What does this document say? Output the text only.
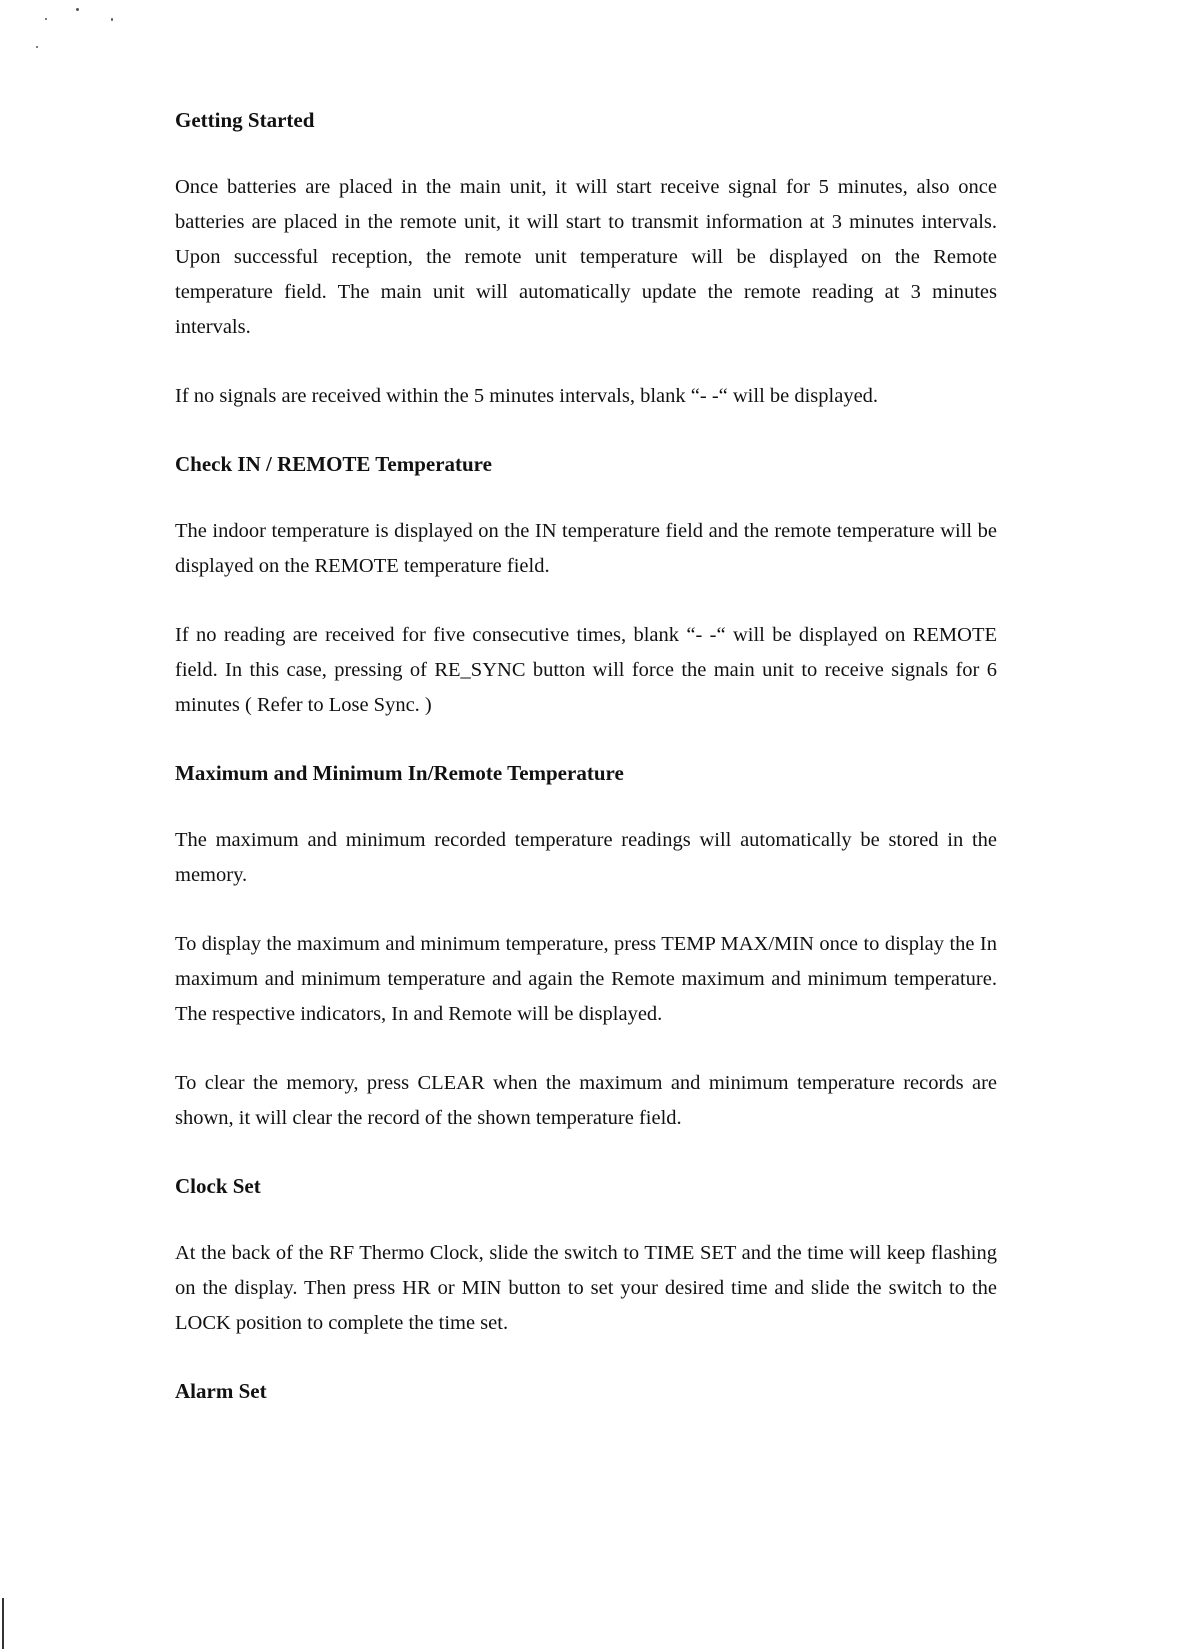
Getting Started

Once batteries are placed in the main unit, it will start receive signal for 5 minutes, also once batteries are placed in the remote unit, it will start to transmit information at 3 minutes intervals. Upon successful reception, the remote unit temperature will be displayed on the Remote temperature field. The main unit will automatically update the remote reading at 3 minutes intervals.

If no signals are received within the 5 minutes intervals, blank “- -“ will be displayed.

Check IN / REMOTE Temperature

The indoor temperature is displayed on the IN temperature field and the remote temperature will be displayed on the REMOTE temperature field.

If no reading are received for five consecutive times, blank “- -“ will be displayed on REMOTE field. In this case, pressing of RE_SYNC button will force the main unit to receive signals for 6 minutes ( Refer to Lose Sync. )

Maximum and Minimum In/Remote Temperature

The maximum and minimum recorded temperature readings will automatically be stored in the memory.

To display the maximum and minimum temperature, press TEMP MAX/MIN once to display the In maximum and minimum temperature and again the Remote maximum and minimum temperature. The respective indicators, In and Remote will be displayed.

To clear the memory, press CLEAR when the maximum and minimum temperature records are shown, it will clear the record of the shown temperature field.

Clock Set

At the back of the RF Thermo Clock, slide the switch to TIME SET and the time will keep flashing on the display. Then press HR or MIN button to set your desired time and slide the switch to the LOCK position to complete the time set.

Alarm Set
